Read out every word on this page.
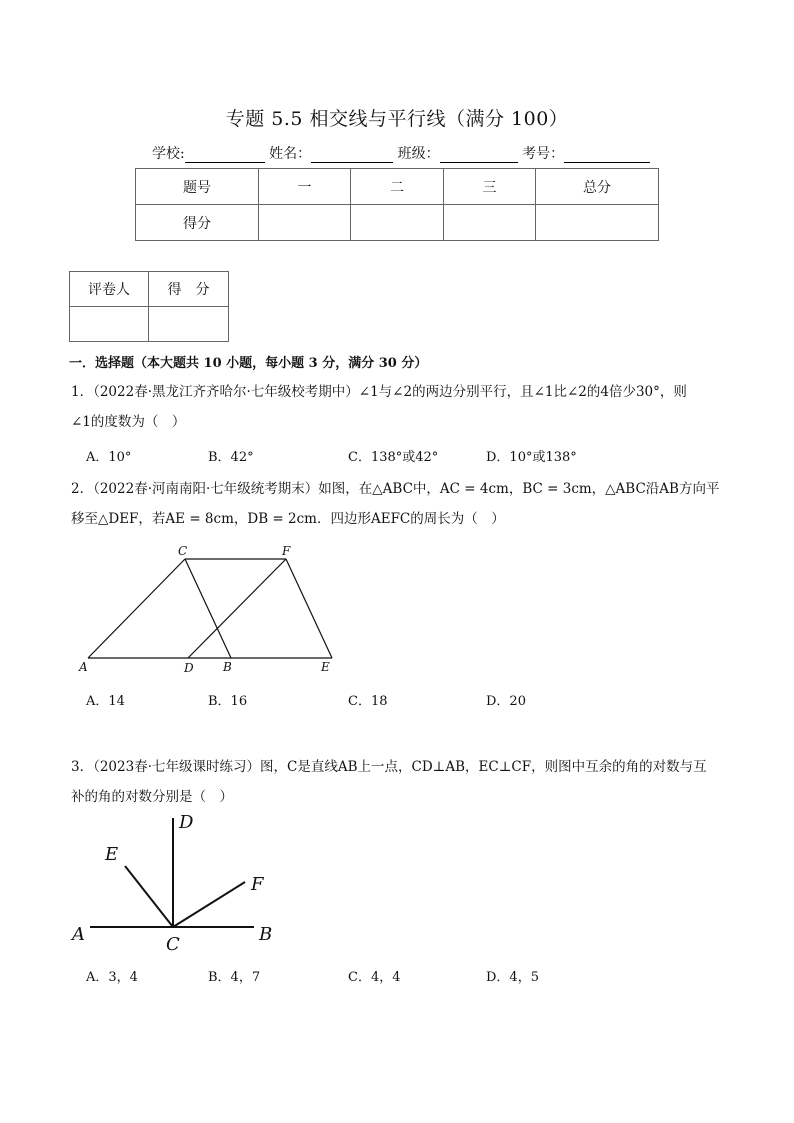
专题 5.5 相交线与平行线（满分 100）
学校:	姓名：	班级：	考号：
题号	一	二	三	总分
得分				
评卷人	得　分

一．选择题（本大题共 10 小题，每小题 3 分，满分 30 分）
1．（2022春·黑龙江齐齐哈尔·七年级校考期中）∠1与∠2的两边分别平行，且∠1比∠2的4倍少30°，则
∠1的度数为（　）
A．10°	B．42°	C．138°或42°	D．10°或138°
2．（2022春·河南南阳·七年级统考期末）如图，在△ABC中，AC = 4cm，BC = 3cm，△ABC沿AB方向平
移至△DEF，若AE = 8cm，DB = 2cm．四边形AEFC的周长为（　）
C	F
A	D B	E
A．14	B．16	C．18	D．20
3．（2023春·七年级课时练习）图，C是直线AB上一点，CD⊥AB，EC⊥CF，则图中互余的角的对数与互
补的角的对数分别是（　）
D
E
F
A	C	B
A．3，4	B．4，7	C．4，4	D．4，5
